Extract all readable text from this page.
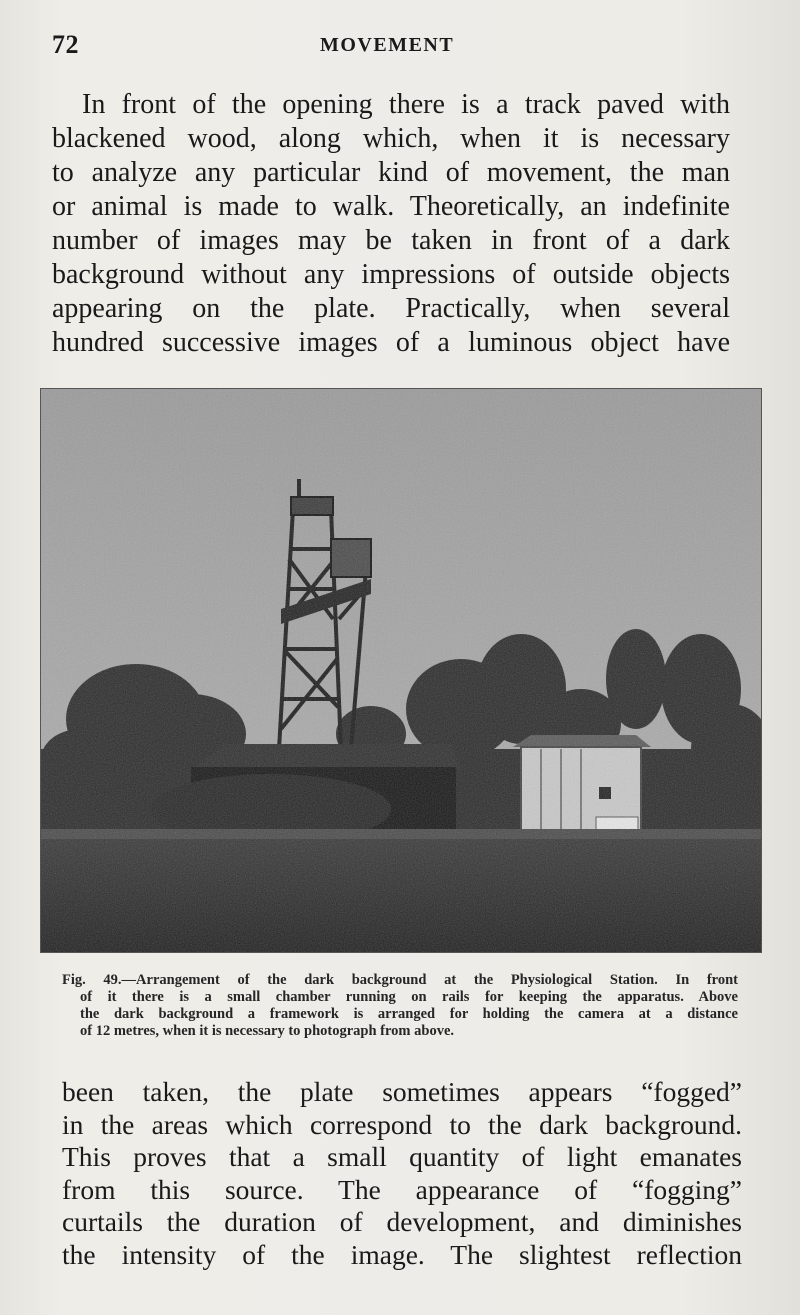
72	MOVEMENT
In front of the opening there is a track paved with
blackened wood, along which, when it is necessary
to analyze any particular kind of movement, the man
or animal is made to walk. Theoretically, an indefinite
number of images may be taken in front of a dark
background without any impressions of outside objects
appearing on the plate. Practically, when several
hundred successive images of a luminous object have
Fig. 49.—Arrangement of the dark background at the Physiological Station. In front
of it there is a small chamber running on rails for keeping the apparatus. Above
the dark background a framework is arranged for holding the camera at a distance
of 12 metres, when it is necessary to photograph from above.
been taken, the plate sometimes appears “fogged”
in the areas which correspond to the dark background.
This proves that a small quantity of light emanates
from this source. The appearance of “fogging”
curtails the duration of development, and diminishes
the intensity of the image. The slightest reflection
